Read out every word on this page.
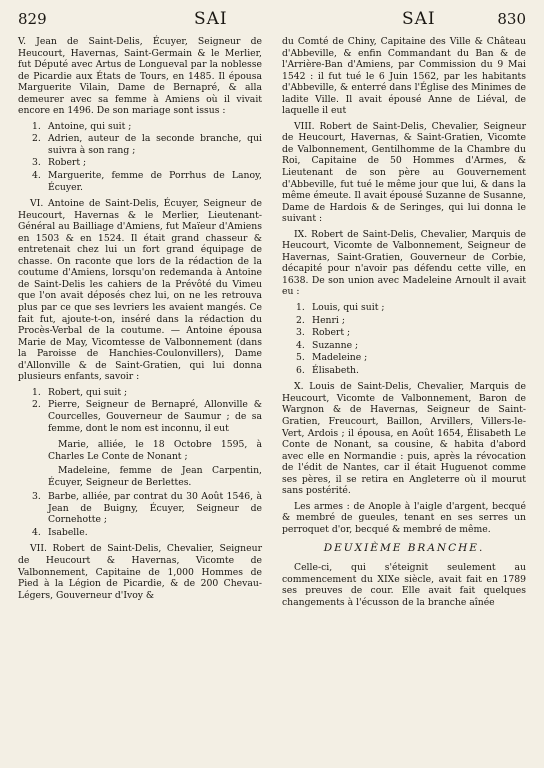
829	SAI	SAI	830

V. Jean de Saint-Delis, Écuyer, Seigneur de Heucourt, Havernas, Saint-Germain & le Merlier, fut Député avec Artus de Longueval par la noblesse de Picardie aux États de Tours, en 1485. Il épousa Marguerite Vilain, Dame de Bernapré, & alla demeurer avec sa femme à Amiens où il vivait encore en 1496. De son mariage sont issus :

1. Antoine, qui suit ;
2. Adrien, auteur de la seconde branche, qui suivra à son rang ;
3. Robert ;
4. Marguerite, femme de Porrhus de Lanoy, Écuyer.

VI. Antoine de Saint-Delis, Écuyer, Seigneur de Heucourt, Havernas & le Merlier, Lieutenant-Général au Bailliage d'Amiens, fut Maïeur d'Amiens en 1503 & en 1524. Il était grand chasseur & entretenait chez lui un fort grand équipage de chasse. On raconte que lors de la rédaction de la coutume d'Amiens, lorsqu'on redemanda à Antoine de Saint-Delis les cahiers de la Prévôté du Vimeu que l'on avait déposés chez lui, on ne les retrouva plus par ce que ses levriers les avaient mangés. Ce fait fut, ajoute-t-on, inséré dans la rédaction du Procès-Verbal de la coutume. — Antoine épousa Marie de May, Vicomtesse de Valbonnement (dans la Paroisse de Hanchies-Coulonvillers), Dame d'Allonville & de Saint-Gratien, qui lui donna plusieurs enfants, savoir :

1. Robert, qui suit ;
2. Pierre, Seigneur de Bernapré, Allonville & Courcelles, Gouverneur de Saumur ; de sa femme, dont le nom est inconnu, il eut
Marie, alliée, le 18 Octobre 1595, à Charles Le Conte de Nonant ;
Madeleine, femme de Jean Carpentin, Écuyer, Seigneur de Berlettes.
3. Barbe, alliée, par contrat du 30 Août 1546, à Jean de Buigny, Écuyer, Seigneur de Cornehotte ;
4. Isabelle.

VII. Robert de Saint-Delis, Chevalier, Seigneur de Heucourt & Havernas, Vicomte de Valbonnement, Capitaine de 1,000 Hommes de Pied à la Légion de Picardie, & de 200 Chevau-Légers, Gouverneur d'Ivoy &

du Comté de Chiny, Capitaine des Ville & Château d'Abbeville, & enfin Commandant du Ban & de l'Arrière-Ban d'Amiens, par Commission du 9 Mai 1542 : il fut tué le 6 Juin 1562, par les habitants d'Abbeville, & enterré dans l'Église des Minimes de ladite Ville. Il avait épousé Anne de Liéval, de laquelle il eut

VIII. Robert de Saint-Delis, Chevalier, Seigneur de Heucourt, Havernas, & Saint-Gratien, Vicomte de Valbonnement, Gentilhomme de la Chambre du Roi, Capitaine de 50 Hommes d'Armes, & Lieutenant de son père au Gouvernement d'Abbeville, fut tué le même jour que lui, & dans la même émeute. Il avait épousé Suzanne de Susanne, Dame de Hardois & de Seringes, qui lui donna le suivant :

IX. Robert de Saint-Delis, Chevalier, Marquis de Heucourt, Vicomte de Valbonnement, Seigneur de Havernas, Saint-Gratien, Gouverneur de Corbie, décapité pour n'avoir pas défendu cette ville, en 1638. De son union avec Madeleine Arnoult il avait eu :

1. Louis, qui suit ;
2. Henri ;
3. Robert ;
4. Suzanne ;
5. Madeleine ;
6. Élisabeth.

X. Louis de Saint-Delis, Chevalier, Marquis de Heucourt, Vicomte de Valbonnement, Baron de Wargnon & de Havernas, Seigneur de Saint-Gratien, Freucourt, Baillon, Arvillers, Villers-le-Vert, Ardois ; il épousa, en Août 1654, Élisabeth Le Conte de Nonant, sa cousine, & habita d'abord avec elle en Normandie : puis, après la révocation de l'édit de Nantes, car il était Huguenot comme ses pères, il se retira en Angleterre où il mourut sans postérité.

Les armes : de Anople à l'aigle d'argent, becqué & membré de gueules, tenant en ses serres un perroquet d'or, becqué & membré de même.

DEUXIÈME BRANCHE.

Celle-ci, qui s'éteignit seulement au commencement du XIXe siècle, avait fait en 1789 ses preuves de cour. Elle avait fait quelques changements à l'écusson de la branche aînée
